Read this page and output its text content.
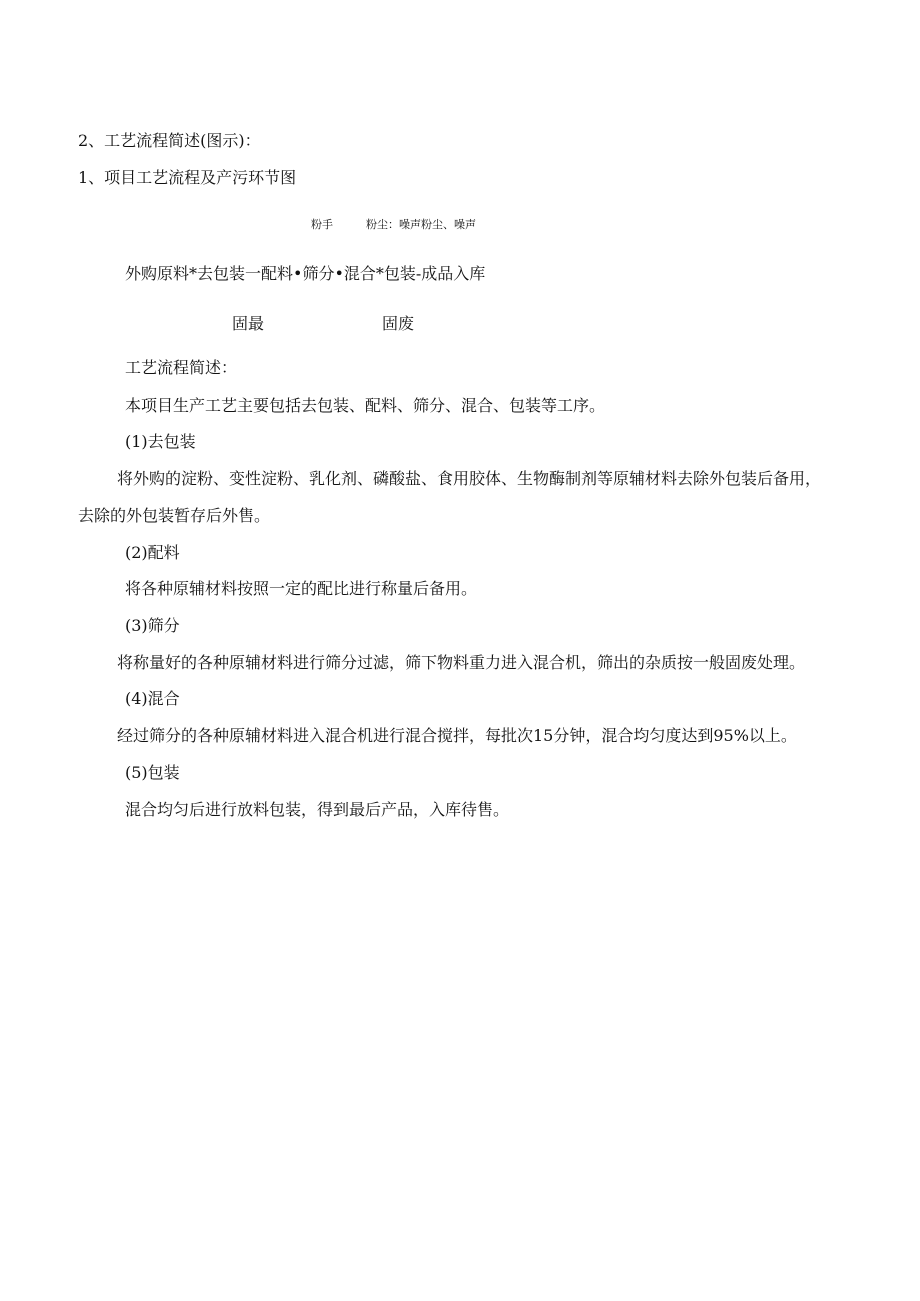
2、工艺流程简述(图示)：
1、项目工艺流程及产污环节图
粉手	粉尘：噪声粉尘、噪声
外购原料*去包装一配料•筛分•混合*包装-成品入库
固最	固废
工艺流程简述：
本项目生产工艺主要包括去包装、配料、筛分、混合、包装等工序。
(1)去包装
将外购的淀粉、变性淀粉、乳化剂、磷酸盐、食用胶体、生物酶制剂等原辅材料去除外包装后备用，
去除的外包装暂存后外售。
(2)配料
将各种原辅材料按照一定的配比进行称量后备用。
(3)筛分
将称量好的各种原辅材料进行筛分过滤，筛下物料重力进入混合机，筛出的杂质按一般固废处理。
(4)混合
经过筛分的各种原辅材料进入混合机进行混合搅拌，每批次15分钟，混合均匀度达到95%以上。
(5)包装
混合均匀后进行放料包装，得到最后产品，入库待售。
